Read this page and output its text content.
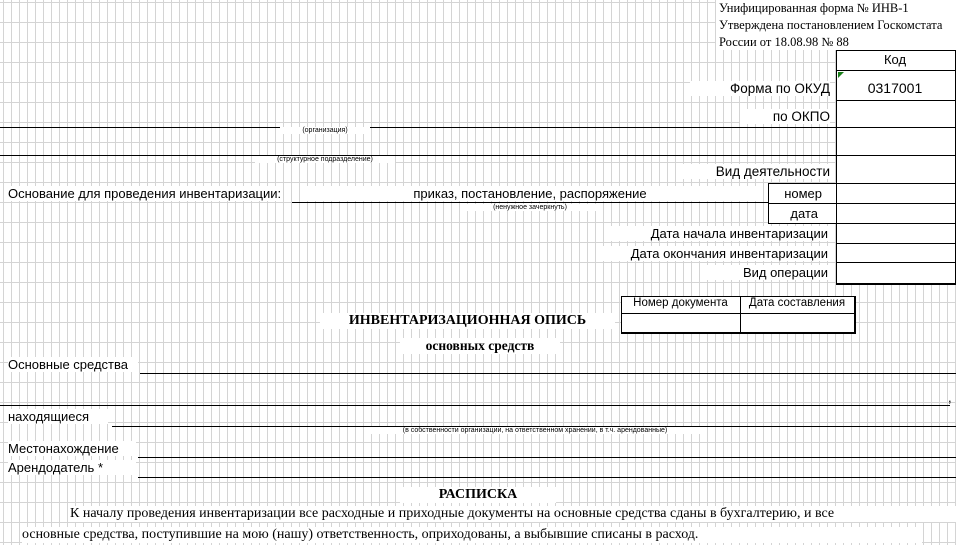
Унифицированная форма № ИНВ-1
Утверждена постановлением Госкомстата
России от 18.08.98 № 88
Код
0317001
Форма по ОКУД
по ОКПО
Вид деятельности
номер
дата
Дата начала инвентаризации
Дата окончания инвентаризации
Вид операции
(организация)
(структурное подразделение)
Основание для проведения инвентаризации:	приказ, постановление, распоряжение
(ненужное зачеркнуть)
Номер документа	Дата составления
ИНВЕНТАРИЗАЦИОННАЯ ОПИСЬ
основных средств
Основные средства
,
находящиеся
(в собственности организации, на ответственном хранении, в т.ч. арендованные)
Местонахождение
Арендодатель *
РАСПИСКА
К началу проведения инвентаризации все расходные и приходные документы на основные средства сданы в бухгалтерию, и все
основные средства, поступившие на мою (нашу) ответственность, оприходованы, а выбывшие списаны в расход.
